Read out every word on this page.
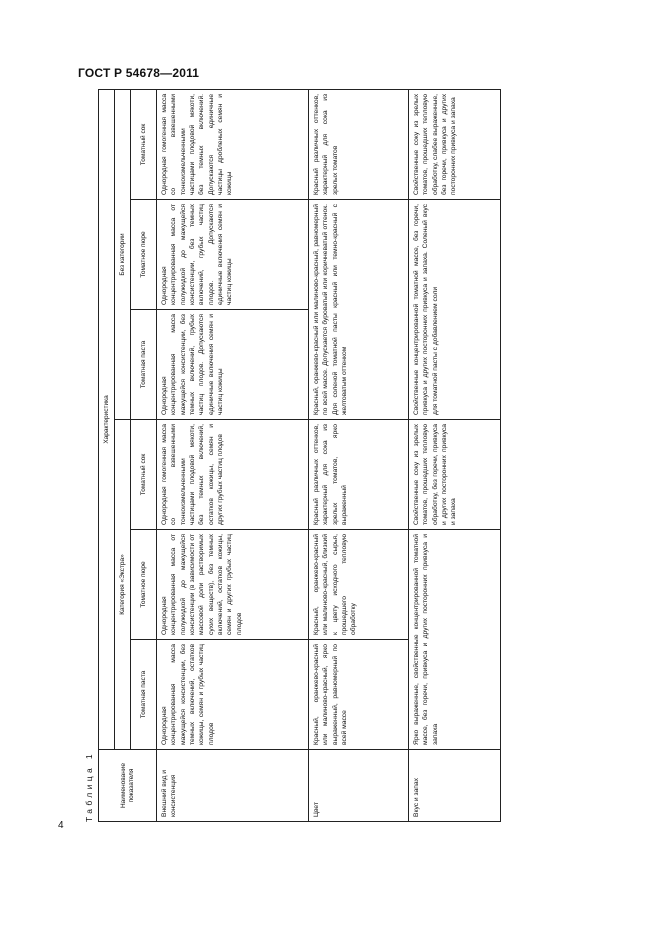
ГОСТ Р 54678—2011
Таблица 1	Наименование показателя	Характеристика					
	Категория «Экстра»			Без категории		
	Томатная паста	Томатное пюре	Томатный сок	Томатная паста	Томатное пюре	Томатный сок
Внешний вид и консистенция	Однородная концентрированная масса мажущейся консистенции, без темных включений, остатков кожицы, семян и грубых частиц плодов	Однородная концентрированная масса от полужидкой до мажущейся консистенции (в зависимости от массовой доли растворимых сухих веществ), без темных включений, остатков кожицы, семян и других грубых частиц плодов	Однородная гомогенная масса со взвешенными тонкоизмельченными частицами плодовой мякоти, без темных включений, остатков кожицы, семян и других грубых частиц плодов	Однородная концентрированная масса мажущейся консистенции, без темных включений, грубых частиц плодов. Допускаются единичные включения семян и частиц кожицы	Однородная концентрированная масса от полужидкой до мажущейся консистенции, без темных включений, грубых частиц плодов. Допускаются единичные включения семян и частиц кожицы	Однородная гомогенная масса со взвешенными тонкоизмельченными частицами плодовой мякоти, без темных включений. Допускаются единичные частицы дробленых семян и кожицы
Цвет	Красный, оранжево-красный или малиново-красный, ярко выраженный, равномерный по всей массе	Красный, оранжево-красный или малиново-красный, близкий к цвету исходного сырья, прошедшего тепловую обработку	Красный различных оттенков, характерный для сока из зрелых томатов, ярко выраженный	Красный, оранжево-красный или малиново-красный, равномерный по всей массе. Допускается буроватый или коричневатый оттенок. Для соленой томатной пасты красный или темно-красный с желтоватым оттенком		Красный различных оттенков, характерный для сока из зрелых томатов
Вкус и запах	Ярко выраженные, свойственные концентрированной томатной массе, без горечи, привкуса и других посторонних привкуса и запаха		Свойственные соку из зрелых томатов, прошедших тепловую обработку, без горечи, привкуса и других посторонних привкуса и запаха	Свойственные концентрированной томатной массе, без горечи, привкуса и других посторонних привкуса и запаха. Соленый вкус для томатной пасты с добавлением соли		Свойственные соку из зрелых томатов, прошедших тепловую обработку, слабее выраженные, без горечи, привкуса и других посторонних привкуса и запаха
4
